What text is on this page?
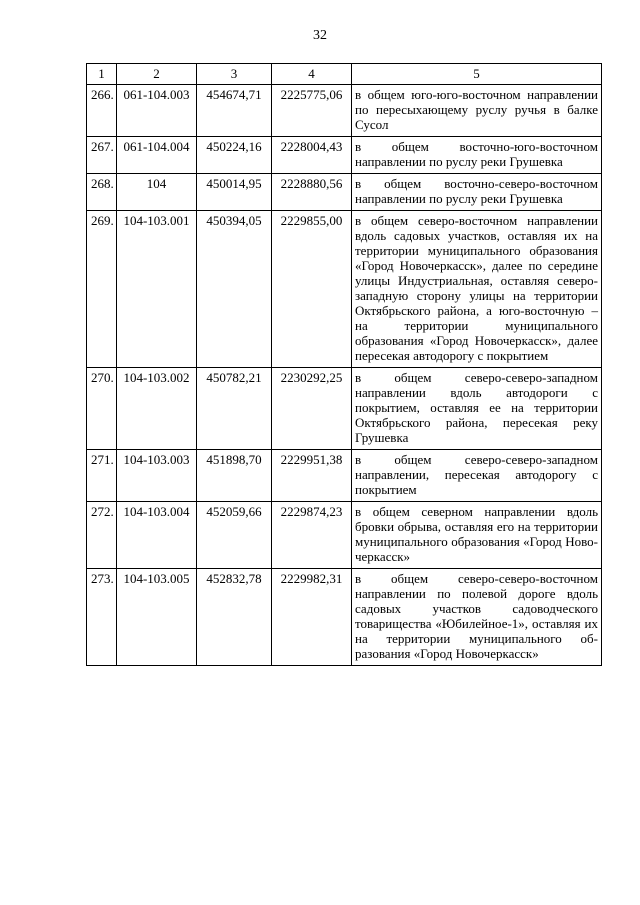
32
1	2	3	4	5
266.	061-104.003	454674,71	2225775,06	в общем юго-юго-восточном направлении по пересыхающему руслу ручья в балке Сусол
267.	061-104.004	450224,16	2228004,43	в общем восточно-юго-восточном направлении по руслу реки Грушевка
268.	104	450014,95	2228880,56	в общем восточно-северо-восточном направлении по руслу реки Грушевка
269.	104-103.001	450394,05	2229855,00	в общем северо-восточном направлении вдоль садовых участков, оставляя их на территории муниципального образования «Город Новочеркасск», далее по середине улицы Индустриальная, оставляя северо-западную сторону улицы на территории Октябрьского района, а юго-восточную – на территории муниципального образования «Город Новочеркасск», далее пересекая автодорогу с покрытием
270.	104-103.002	450782,21	2230292,25	в общем северо-северо-западном направлении вдоль автодороги с покрытием, оставляя ее на территории Октябрьского района, пересекая реку Грушевка
271.	104-103.003	451898,70	2229951,38	в общем северо-северо-западном направлении, пересекая автодорогу с покрытием
272.	104-103.004	452059,66	2229874,23	в общем северном направлении вдоль бровки обрыва, оставляя его на территории муниципального образования «Город Новочеркасск»
273.	104-103.005	452832,78	2229982,31	в общем северо-северо-восточном направлении по полевой дороге вдоль садовых участков садоводческого товарищества «Юбилейное-1», оставляя их на территории муниципального образования «Город Новочеркасск»
